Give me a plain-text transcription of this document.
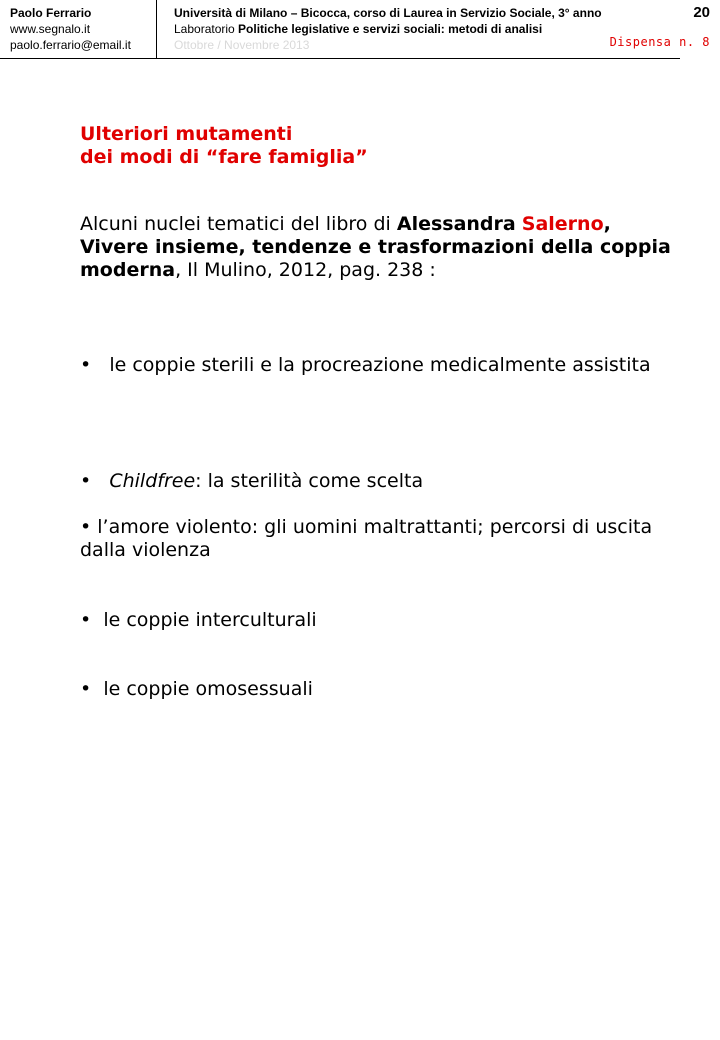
Paolo Ferrario
www.segnalo.it
paolo.ferrario@email.it
Università di Milano – Bicocca, corso di Laurea in Servizio Sociale, 3° anno
Laboratorio Politiche legislative e servizi sociali: metodi di analisi
Ottobre / Novembre 2013
20
Dispensa n. 8
Ulteriori mutamenti
dei modi di “fare famiglia”
Alcuni nuclei tematici del libro di Alessandra Salerno, Vivere insieme, tendenze e trasformazioni della coppia moderna, Il Mulino, 2012, pag. 238 :
• le coppie sterili e la procreazione medicalmente assistita
• Childfree: la sterilità come scelta
• l’amore violento: gli uomini maltrattanti; percorsi di uscita dalla violenza
• le coppie interculturali
• le coppie omosessuali
